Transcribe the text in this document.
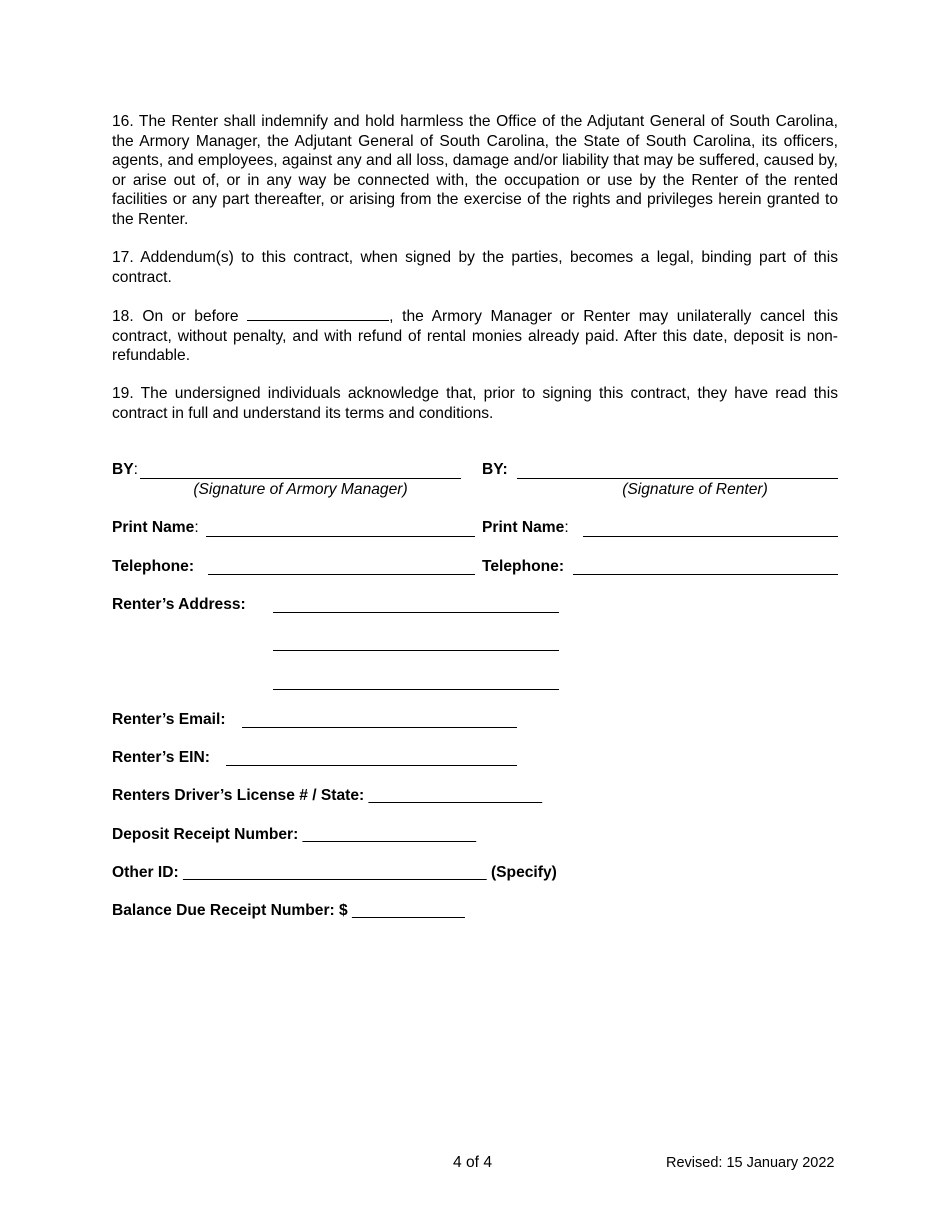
16. The Renter shall indemnify and hold harmless the Office of the Adjutant General of South Carolina, the Armory Manager, the Adjutant General of South Carolina, the State of South Carolina, its officers, agents, and employees, against any and all loss, damage and/or liability that may be suffered, caused by, or arise out of, or in any way be connected with, the occupation or use by the Renter of the rented facilities or any part thereafter, or arising from the exercise of the rights and privileges herein granted to the Renter.

17. Addendum(s) to this contract, when signed by the parties, becomes a legal, binding part of this contract.

18. On or before	, the Armory Manager or Renter may unilaterally cancel this contract, without penalty, and with refund of rental monies already paid. After this date, deposit is non-refundable.

19. The undersigned individuals acknowledge that, prior to signing this contract, they have read this contract in full and understand its terms and conditions.

BY:
(Signature of Armory Manager)
BY:
(Signature of Renter)
Print Name:	Print Name:
Telephone:	Telephone:
Renter’s Address:
Renter’s Email:
Renter’s EIN:
Renters Driver’s License # / State: ____________________
Deposit Receipt Number: ____________________
Other ID: ___________________________________ (Specify)
Balance Due Receipt Number: $ _____________
4 of 4	Revised: 15 January 2022
